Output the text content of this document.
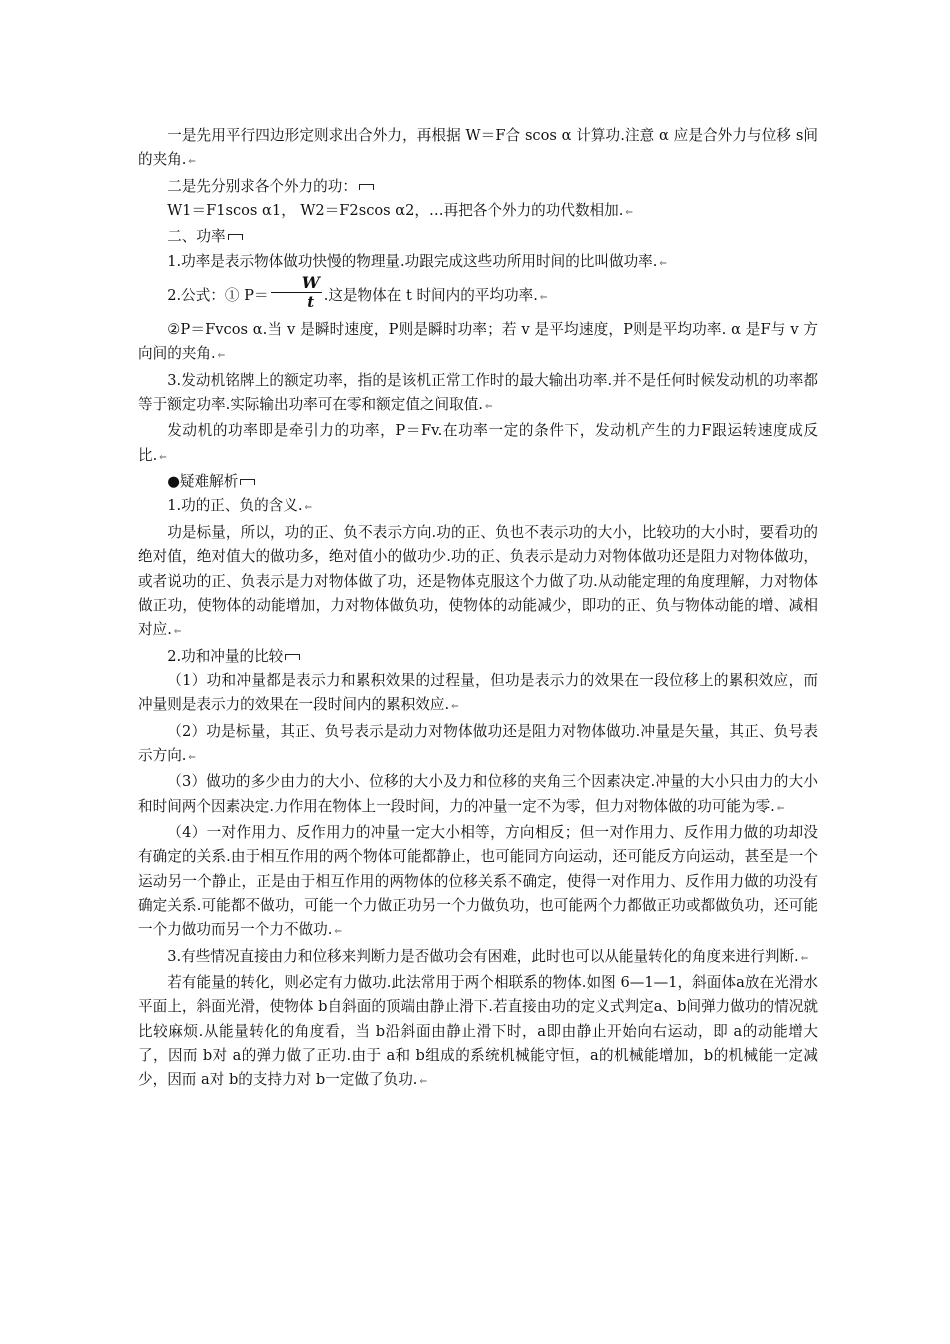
一是先用平行四边形定则求出合外力，再根据 W＝F合 scos α 计算功.注意 α 应是合外力与位移 s间的夹角. ⇐

二是先分别求各个外力的功：

W1＝F1scos α1， W2＝F2scos α2，…再把各个外力的功代数相加. ⇐

二、功率

1.功率是表示物体做功快慢的物理量.功跟完成这些功所用时间的比叫做功率. ⇐

2.公式：① $P= \frac{W}{t}$ .这是物体在 t 时间内的平均功率. ⇐

②P＝Fvcos α.当 v 是瞬时速度，P则是瞬时功率；若 v 是平均速度，P则是平均功率. α 是F与 v 方向间的夹角. ⇐

3.发动机铭牌上的额定功率，指的是该机正常工作时的最大输出功率.并不是任何时候发动机的功率都等于额定功率.实际输出功率可在零和额定值之间取值. ⇐

发动机的功率即是牵引力的功率，P＝Fv.在功率一定的条件下，发动机产生的力F跟运转速度成反比. ⇐

●疑难解析

1.功的正、负的含义. ⇐

功是标量，所以，功的正、负不表示方向.功的正、负也不表示功的大小，比较功的大小时，要看功的绝对值，绝对值大的做功多，绝对值小的做功少.功的正、负表示是动力对物体做功还是阻力对物体做功，或者说功的正、负表示是力对物体做了功，还是物体克服这个力做了功.从动能定理的角度理解，力对物体做正功，使物体的动能增加，力对物体做负功，使物体的动能减少，即功的正、负与物体动能的增、减相对应. ⇐

2.功和冲量的比较

（1）功和冲量都是表示力和累积效果的过程量，但功是表示力的效果在一段位移上的累积效应，而冲量则是表示力的效果在一段时间内的累积效应. ⇐

（2）功是标量，其正、负号表示是动力对物体做功还是阻力对物体做功.冲量是矢量，其正、负号表示方向. ⇐

（3）做功的多少由力的大小、位移的大小及力和位移的夹角三个因素决定.冲量的大小只由力的大小和时间两个因素决定.力作用在物体上一段时间，力的冲量一定不为零，但力对物体做的功可能为零. ⇐

（4）一对作用力、反作用力的冲量一定大小相等，方向相反；但一对作用力、反作用力做的功却没有确定的关系.由于相互作用的两个物体可能都静止，也可能同方向运动，还可能反方向运动，甚至是一个运动另一个静止，正是由于相互作用的两物体的位移关系不确定，使得一对作用力、反作用力做的功没有确定关系.可能都不做功，可能一个力做正功另一个力做负功，也可能两个力都做正功或都做负功，还可能一个力做功而另一个力不做功. ⇐

3.有些情况直接由力和位移来判断力是否做功会有困难，此时也可以从能量转化的角度来进行判断. ⇐

若有能量的转化，则必定有力做功.此法常用于两个相联系的物体.如图 6—1—1，斜面体a放在光滑水平面上，斜面光滑，使物体 b自斜面的顶端由静止滑下.若直接由功的定义式判定a、b间弹力做功的情况就比较麻烦.从能量转化的角度看，当 b沿斜面由静止滑下时，a即由静止开始向右运动，即 a的动能增大了，因而 b对 a的弹力做了正功.由于 a和 b组成的系统机械能守恒，a的机械能增加，b的机械能一定减少，因而 a对 b的支持力对 b一定做了负功. ⇐
